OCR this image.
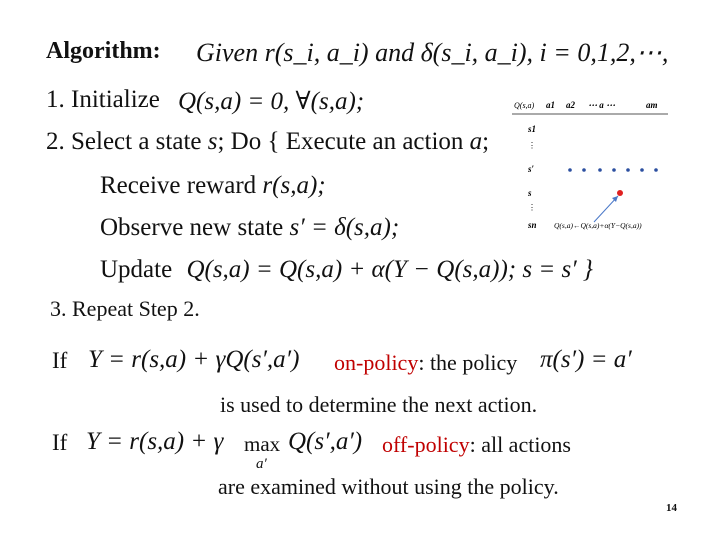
Algorithm: Given r(s_i, a_i) and δ(s_i, a_i), i = 0,1,2,⋯,
1. Initialize Q(s,a) = 0, ∀(s,a);
2. Select a state s; Do { Execute an action a;
Receive reward r(s,a);
Observe new state s′ = δ(s,a);
Update Q(s,a) = Q(s,a) + α(Y − Q(s,a)); s = s′ }
3. Repeat Step 2.
If Y = r(s,a) + γQ(s′,a′) on-policy: the policy π(s′) = a′
is used to determine the next action.
If Y = r(s,a) + γ max
a′
Q(s′,a′) off-policy: all actions
are examined without using the policy.
14
Q(s,a) a1 a2 ⋯ a ⋯	am
s1
⋮
s′
s
⋮
sn Q(s,a)←Q(s,a)+α(Y−Q(s,a))
